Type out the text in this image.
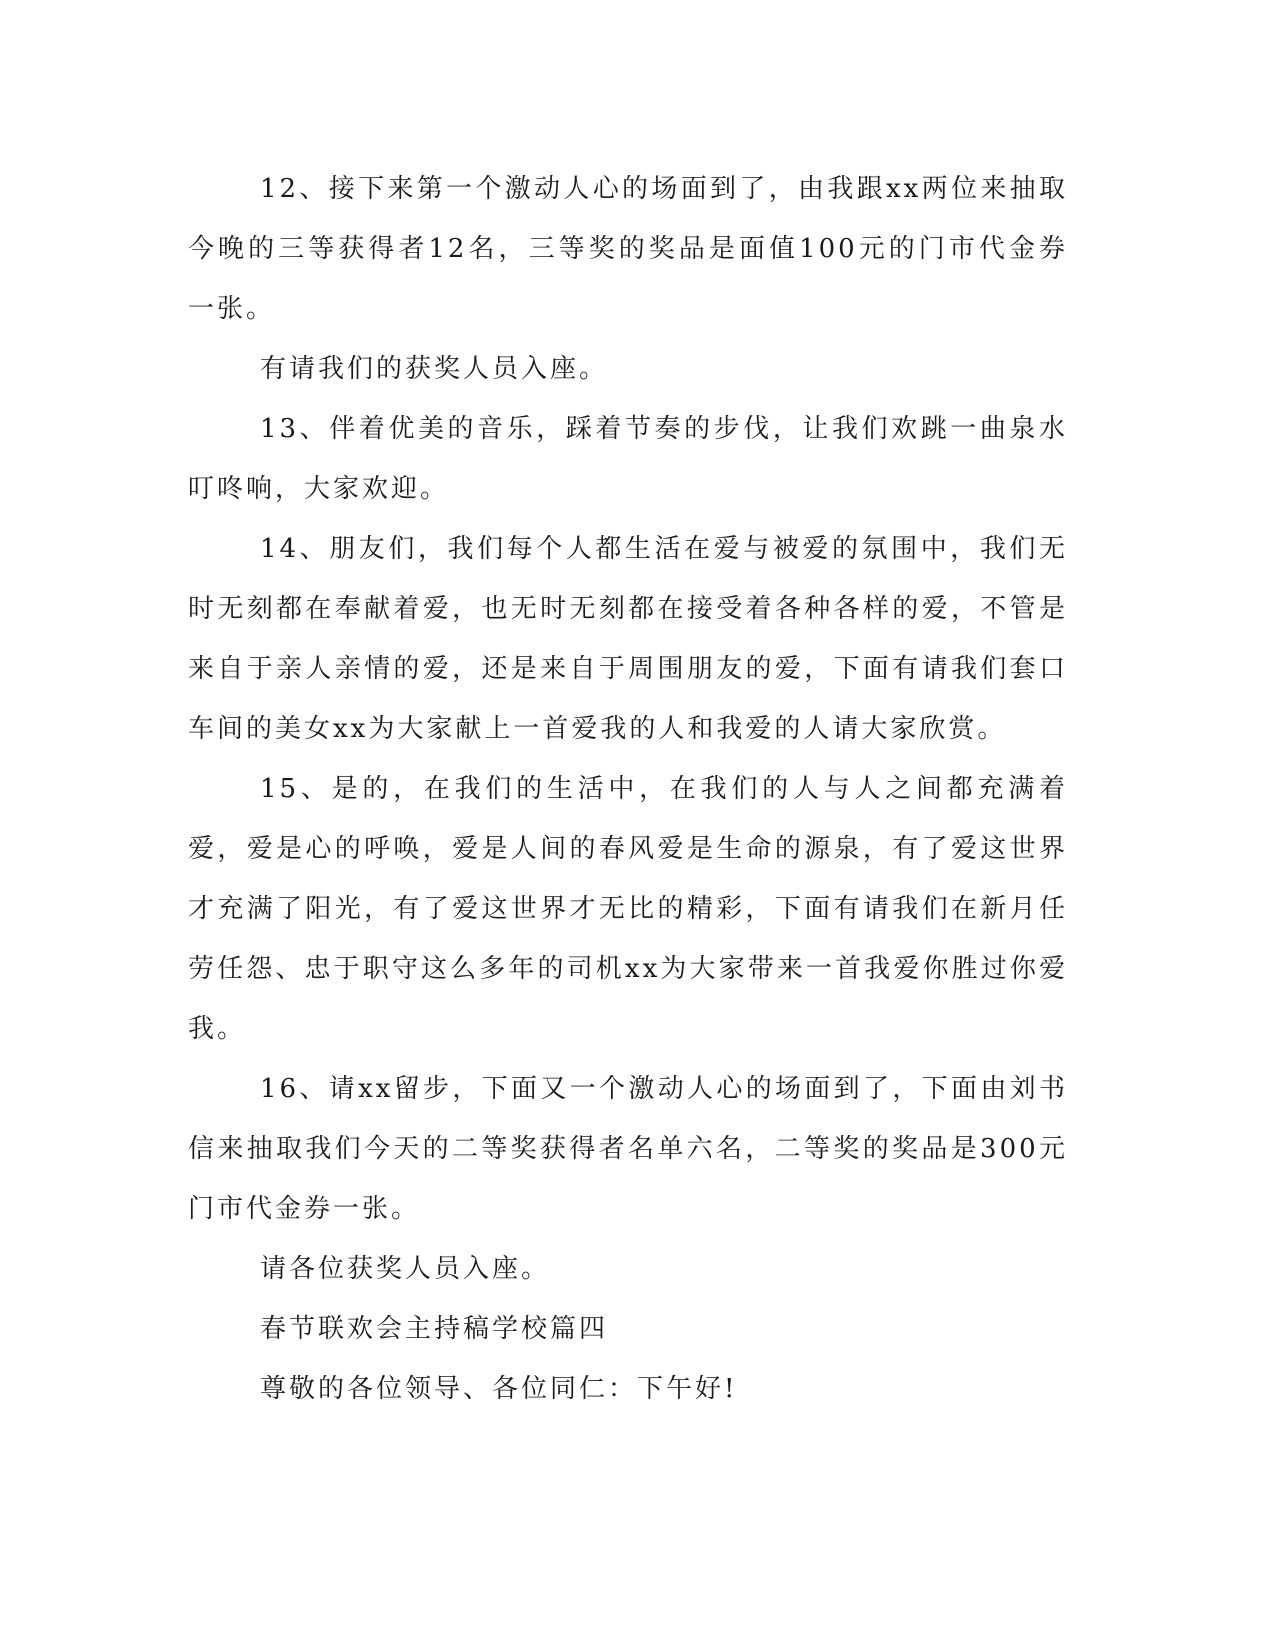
12、接下来第一个激动人心的场面到了，由我跟xx两位来抽取今晚的三等获得者12名，三等奖的奖品是面值100元的门市代金券一张。

有请我们的获奖人员入座。

13、伴着优美的音乐，踩着节奏的步伐，让我们欢跳一曲泉水叮咚响，大家欢迎。

14、朋友们，我们每个人都生活在爱与被爱的氛围中，我们无时无刻都在奉献着爱，也无时无刻都在接受着各种各样的爱，不管是来自于亲人亲情的爱，还是来自于周围朋友的爱，下面有请我们套口车间的美女xx为大家献上一首爱我的人和我爱的人请大家欣赏。

15、是的，在我们的生活中，在我们的人与人之间都充满着爱，爱是心的呼唤，爱是人间的春风爱是生命的源泉，有了爱这世界才充满了阳光，有了爱这世界才无比的精彩，下面有请我们在新月任劳任怨、忠于职守这么多年的司机xx为大家带来一首我爱你胜过你爱我。

16、请xx留步，下面又一个激动人心的场面到了，下面由刘书信来抽取我们今天的二等奖获得者名单六名，二等奖的奖品是300元门市代金券一张。

请各位获奖人员入座。

春节联欢会主持稿学校篇四

尊敬的各位领导、各位同仁：下午好!
